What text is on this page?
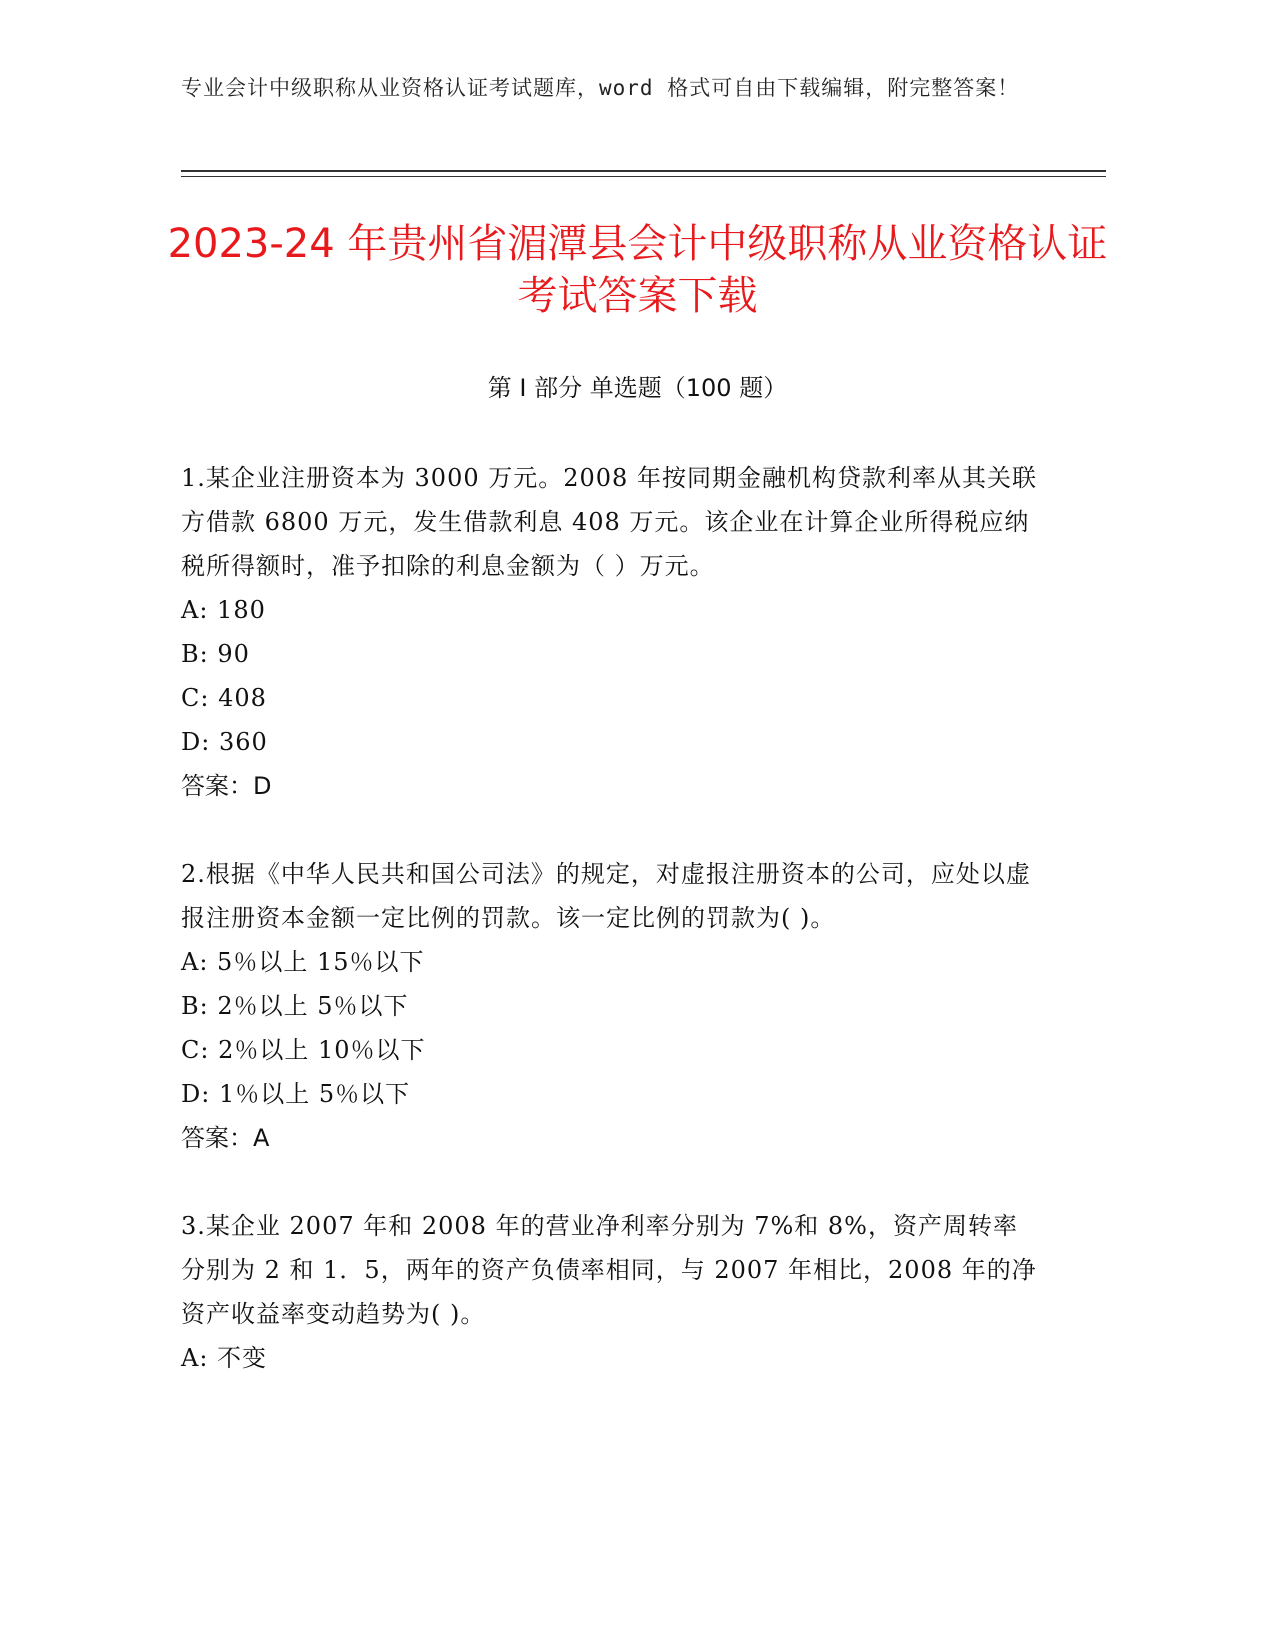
专业会计中级职称从业资格认证考试题库，word 格式可自由下载编辑，附完整答案！
2023-24 年贵州省湄潭县会计中级职称从业资格认证考试答案下载
第 I 部分 单选题（100 题）
1.某企业注册资本为 3000 万元。2008 年按同期金融机构贷款利率从其关联方借款 6800 万元，发生借款利息 408 万元。该企业在计算企业所得税应纳税所得额时，准予扣除的利息金额为（ ）万元。
A: 180
B: 90
C: 408
D: 360
答案：D
2.根据《中华人民共和国公司法》的规定，对虚报注册资本的公司，应处以虚报注册资本金额一定比例的罚款。该一定比例的罚款为( )。
A: 5％以上 15％以下
B: 2％以上 5％以下
C: 2％以上 10％以下
D: 1％以上 5％以下
答案：A
3.某企业 2007 年和 2008 年的营业净利率分别为 7%和 8%，资产周转率分别为 2 和 1．5，两年的资产负债率相同，与 2007 年相比，2008 年的净资产收益率变动趋势为( )。
A: 不变
